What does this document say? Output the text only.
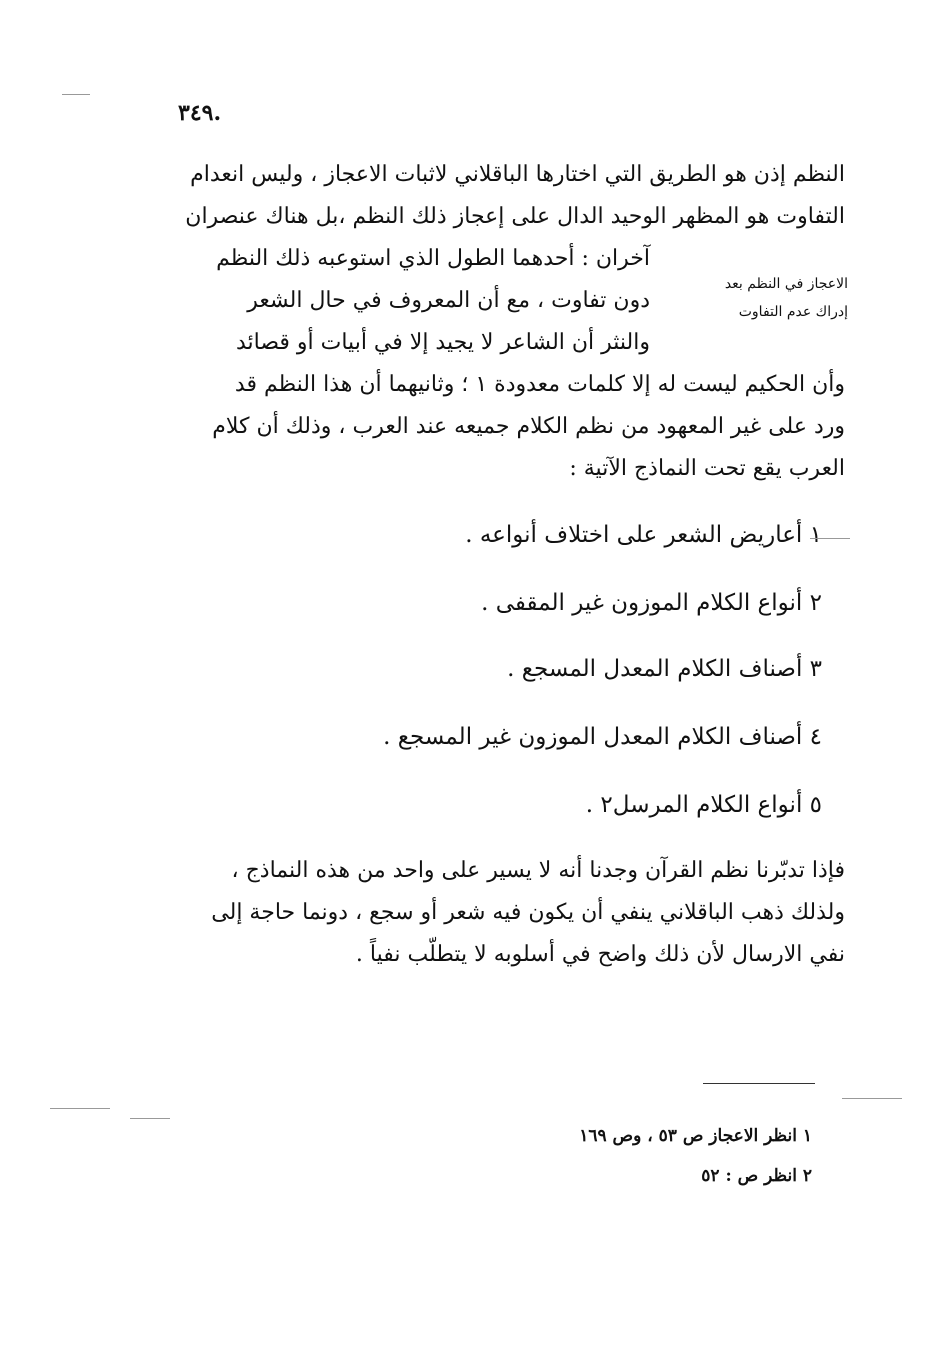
٣٤٩.
النظم إذن هو الطريق التي اختارها الباقلاني لاثبات الاعجاز ، وليس انعدام
التفاوت هو المظهر الوحيد الدال على إعجاز ذلك النظم ،بل هناك عنصران
آخران : أحدهما الطول الذي استوعبه ذلك النظم
دون تفاوت ، مع أن المعروف في حال الشعر
والنثر أن الشاعر لا يجيد إلا في أبيات أو قصائد
الاعجاز في النظم بعد
إدراك عدم التفاوت
وأن الحكيم ليست له إلا كلمات معدودة ١ ؛ وثانيهما أن هذا النظم قد
ورد على غير المعهود من نظم الكلام جميعه عند العرب ، وذلك أن كلام
العرب يقع تحت النماذج الآتية :
١ أعاريض الشعر على اختلاف أنواعه .
٢ أنواع الكلام الموزون غير المقفى .
٣ أصناف الكلام المعدل المسجع .
٤ أصناف الكلام المعدل الموزون غير المسجع .
٥ أنواع الكلام المرسل٢ .
فإذا تدبّرنا نظم القرآن وجدنا أنه لا يسير على واحد من هذه النماذج ،
ولذلك ذهب الباقلاني ينفي أن يكون فيه شعر أو سجع ، دونما حاجة إلى
نفي الارسال لأن ذلك واضح في أسلوبه لا يتطلّب نفياً .
١ انظر الاعجاز ص ٥٣ ، وص ١٦٩
٢ انظر ص : ٥٢
